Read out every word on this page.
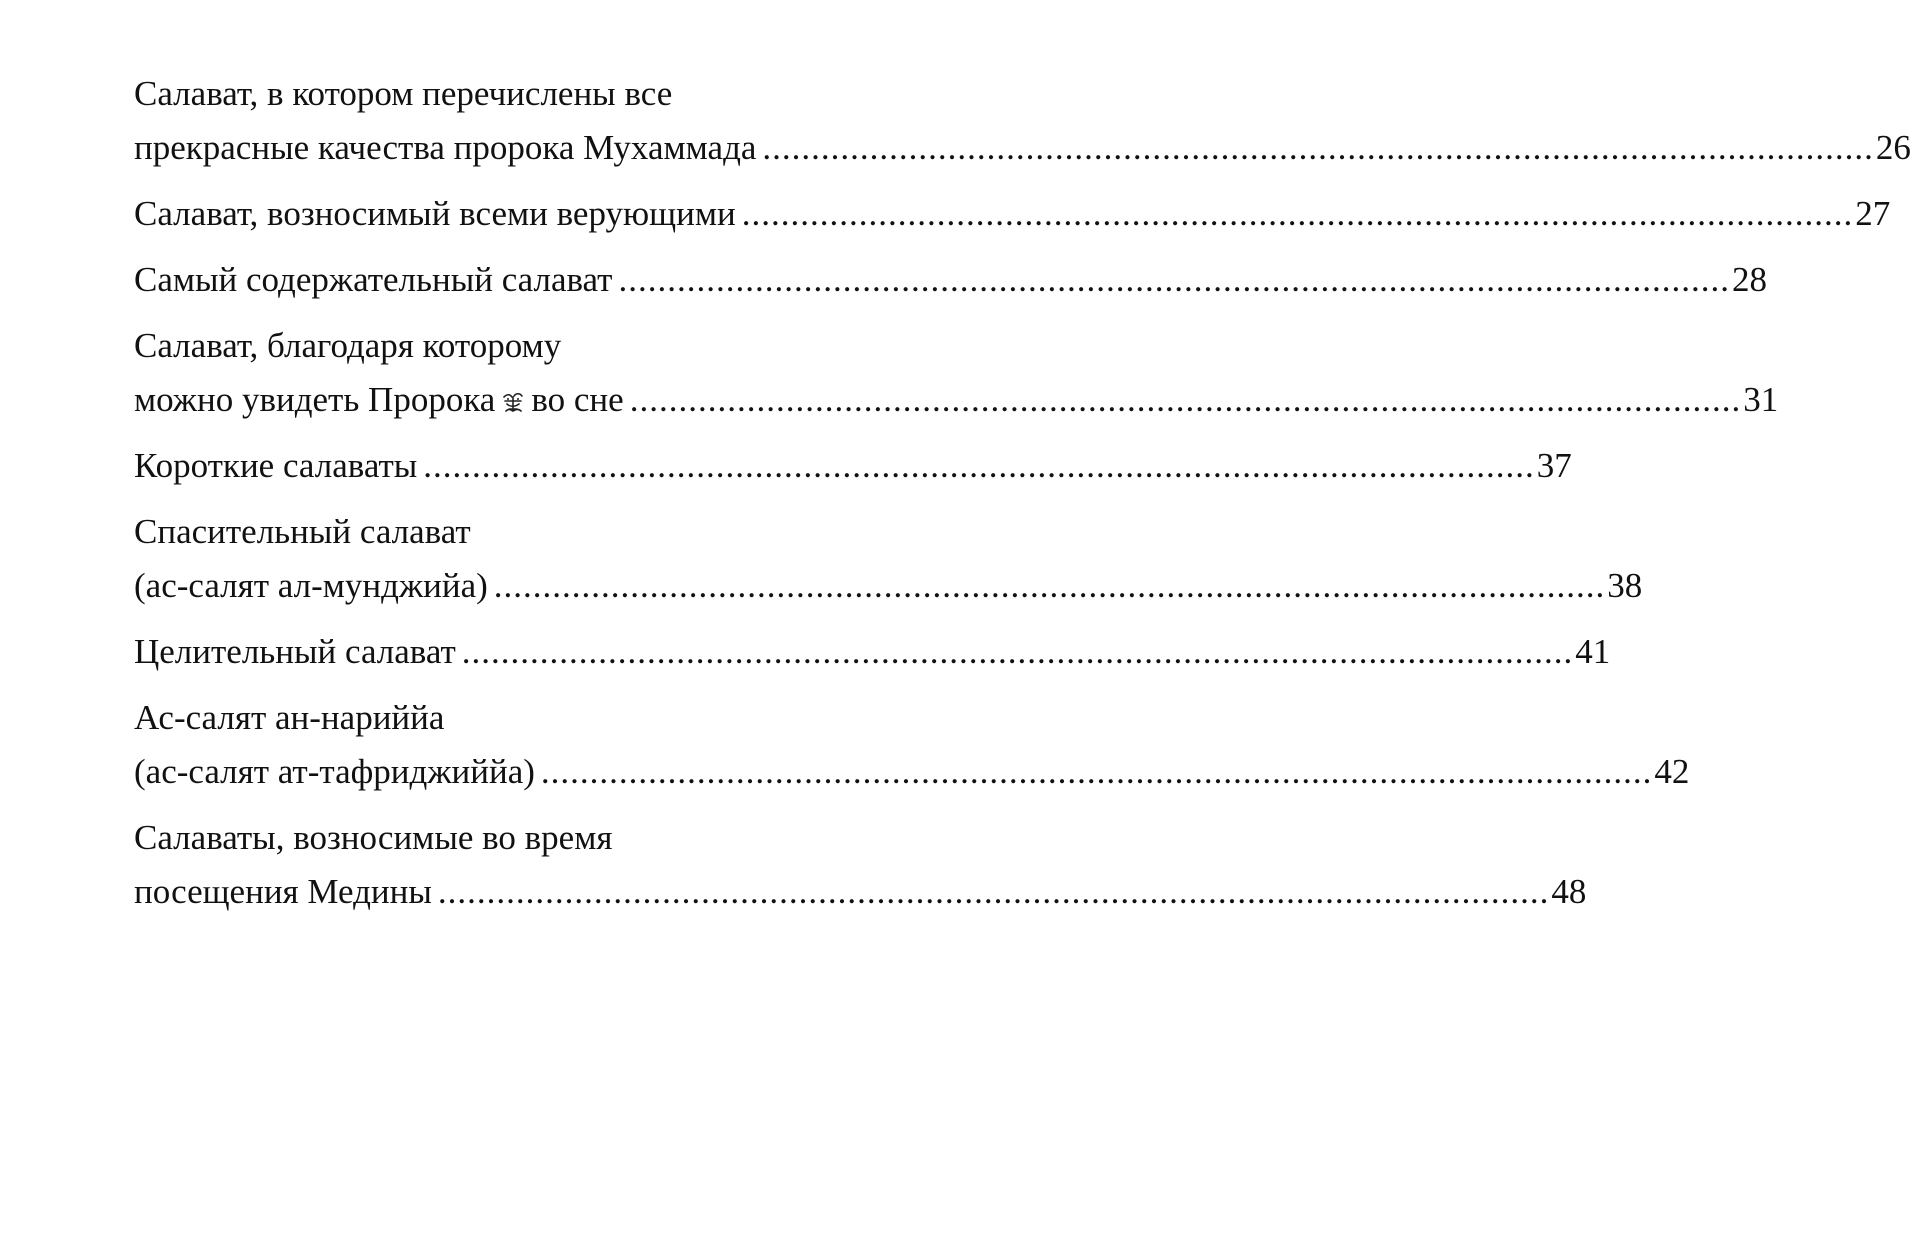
Салават, в котором перечислены все
прекрасные качества пророка Мухаммада .................................................................................................................. 26
Салават, возносимый всеми верующими .................................................................................................................. 27
Самый содержательный салават .................................................................................................................. 28
Салават, благодаря которому
можно увидеть Пророка во сне .................................................................................................................. 31
Короткие салаваты .................................................................................................................. 37
Спасительный салават
(ас-салят ал-мунджийа) .................................................................................................................. 38
Целительный салават .................................................................................................................. 41
Ас-салят ан-нариййа
(ас-салят ат-тафриджиййа) .................................................................................................................. 42
Салаваты, возносимые во время
посещения Медины .................................................................................................................. 48
